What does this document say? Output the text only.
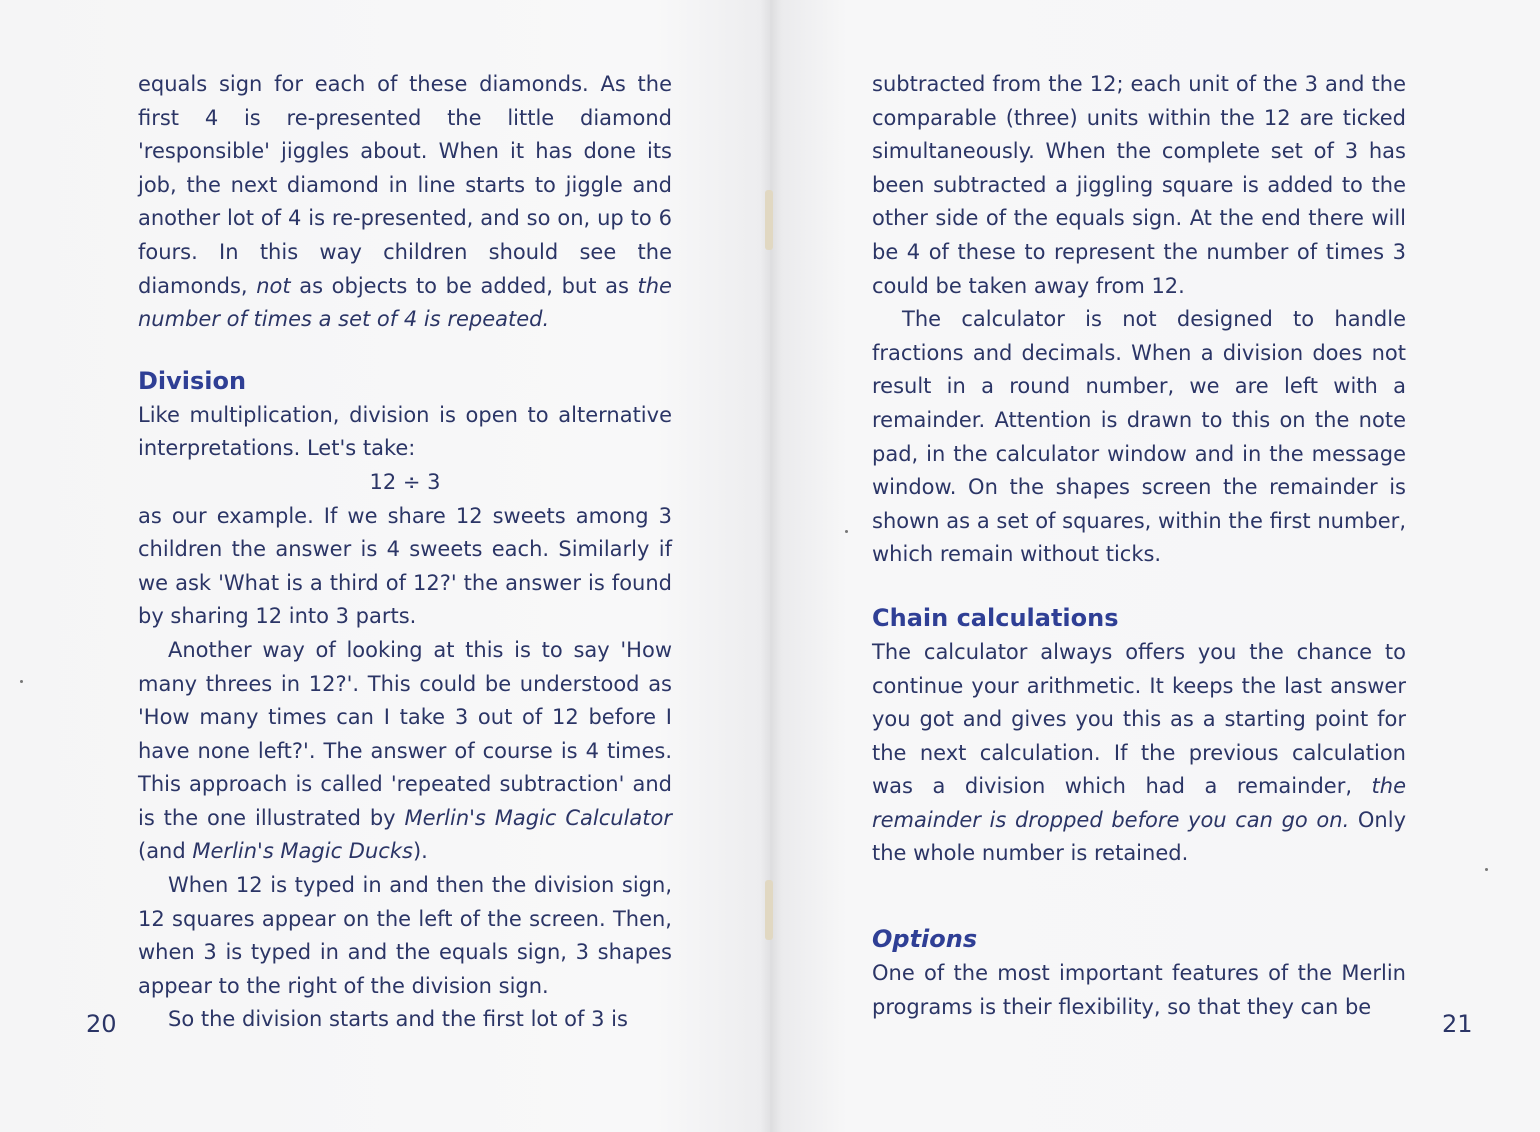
equals sign for each of these diamonds. As the first 4 is re-presented the little diamond 'responsible' jiggles about. When it has done its job, the next diamond in line starts to jiggle and another lot of 4 is re-presented, and so on, up to 6 fours. In this way children should see the diamonds, not as objects to be added, but as the number of times a set of 4 is repeated.

Division

Like multiplication, division is open to alternative interpretations. Let's take:

12 ÷ 3

as our example. If we share 12 sweets among 3 children the answer is 4 sweets each. Similarly if we ask 'What is a third of 12?' the answer is found by sharing 12 into 3 parts.

Another way of looking at this is to say 'How many threes in 12?'. This could be understood as 'How many times can I take 3 out of 12 before I have none left?'. The answer of course is 4 times. This approach is called 'repeated subtraction' and is the one illustrated by Merlin's Magic Calculator (and Merlin's Magic Ducks).

When 12 is typed in and then the division sign, 12 squares appear on the left of the screen. Then, when 3 is typed in and the equals sign, 3 shapes appear to the right of the division sign.

So the division starts and the first lot of 3 is

subtracted from the 12; each unit of the 3 and the comparable (three) units within the 12 are ticked simultaneously. When the complete set of 3 has been subtracted a jiggling square is added to the other side of the equals sign. At the end there will be 4 of these to represent the number of times 3 could be taken away from 12.

The calculator is not designed to handle fractions and decimals. When a division does not result in a round number, we are left with a remainder. Attention is drawn to this on the note pad, in the calculator window and in the message window. On the shapes screen the remainder is shown as a set of squares, within the first number, which remain without ticks.

Chain calculations

The calculator always offers you the chance to continue your arithmetic. It keeps the last answer you got and gives you this as a starting point for the next calculation. If the previous calculation was a division which had a remainder, the remainder is dropped before you can go on. Only the whole number is retained.

Options

One of the most important features of the Merlin programs is their flexibility, so that they can be

20	21
